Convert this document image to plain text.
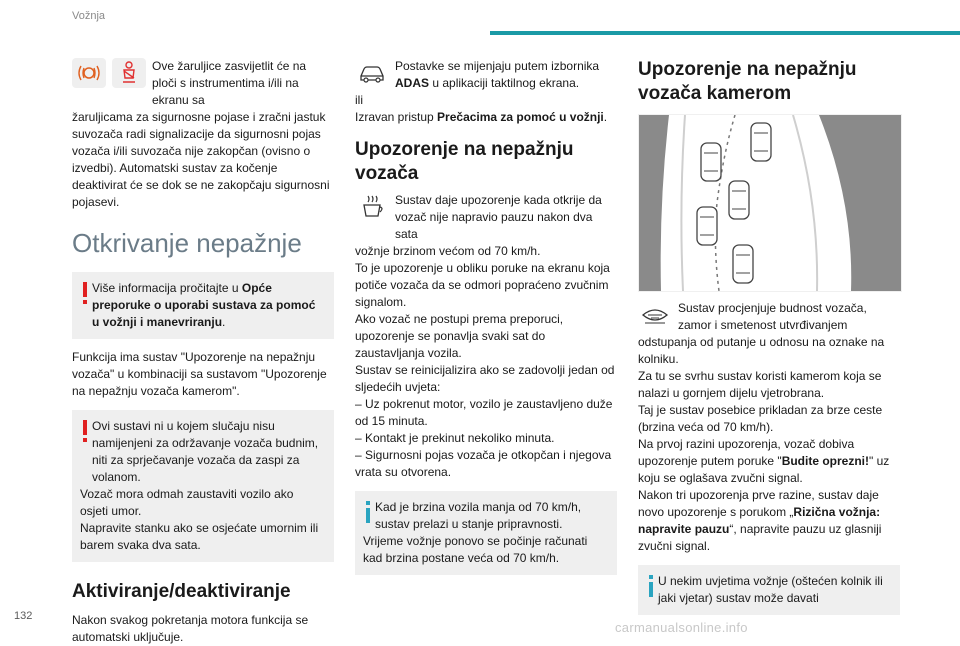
Vožnja

Ove žaruljice zasvijetlit će na ploči s instrumentima i/ili na ekranu sa

žaruljicama za sigurnosne pojase i zračni jastuk suvozača radi signalizacije da sigurnosni pojas vozača i/ili suvozača nije zakopčan (ovisno o izvedbi). Automatski sustav za kočenje deaktivirat će se dok se ne zakopčaju sigurnosni pojasevi.

Otkrivanje nepažnje

Više informacija pročitajte u Opće preporuke o uporabi sustava za pomoć u vožnji i manevriranju.

Funkcija ima sustav "Upozorenje na nepažnju vozača" u kombinaciji sa sustavom "Upozorenje na nepažnju vozača kamerom".

Ovi sustavi ni u kojem slučaju nisu namijenjeni za održavanje vozača budnim, niti za sprječavanje vozača da zaspi za volanom.

Vozač mora odmah zaustaviti vozilo ako osjeti umor.

Napravite stanku ako se osjećate umornim ili barem svaka dva sata.

Aktiviranje/deaktiviranje

Nakon svakog pokretanja motora funkcija se automatski uključuje.

Postavke se mijenjaju putem izbornika ADAS u aplikaciji taktilnog ekrana.

ili

Izravan pristup Prečacima za pomoć u vožnji.

Upozorenje na nepažnju vozača

Sustav daje upozorenje kada otkrije da vozač nije napravio pauzu nakon dva sata

vožnje brzinom većom od 70 km/h.

To je upozorenje u obliku poruke na ekranu koja potiče vozača da se odmori popraćeno zvučnim signalom.

Ako vozač ne postupi prema preporuci, upozorenje se ponavlja svaki sat do zaustavljanja vozila.

Sustav se reinicijalizira ako se zadovolji jedan od sljedećih uvjeta:

– Uz pokrenut motor, vozilo je zaustavljeno duže od 15 minuta.

– Kontakt je prekinut nekoliko minuta.

– Sigurnosni pojas vozača je otkopčan i njegova vrata su otvorena.

Kad je brzina vozila manja od 70 km/h, sustav prelazi u stanje pripravnosti.

Vrijeme vožnje ponovo se počinje računati kad brzina postane veća od 70 km/h.

Upozorenje na nepažnju vozača kamerom

Sustav procjenjuje budnost vozača, zamor i smetenost utvrđivanjem

odstupanja od putanje u odnosu na oznake na kolniku.

Za tu se svrhu sustav koristi kamerom koja se nalazi u gornjem dijelu vjetrobrana.

Taj je sustav posebice prikladan za brze ceste (brzina veća od 70 km/h).

Na prvoj razini upozorenja, vozač dobiva upozorenje putem poruke "Budite oprezni!" uz koju se oglašava zvučni signal.

Nakon tri upozorenja prve razine, sustav daje novo upozorenje s porukom „Rizična vožnja: napravite pauzu“, napravite pauzu uz glasniji zvučni signal.

U nekim uvjetima vožnje (oštećen kolnik ili jaki vjetar) sustav može davati

132
carmanualsonline.info
